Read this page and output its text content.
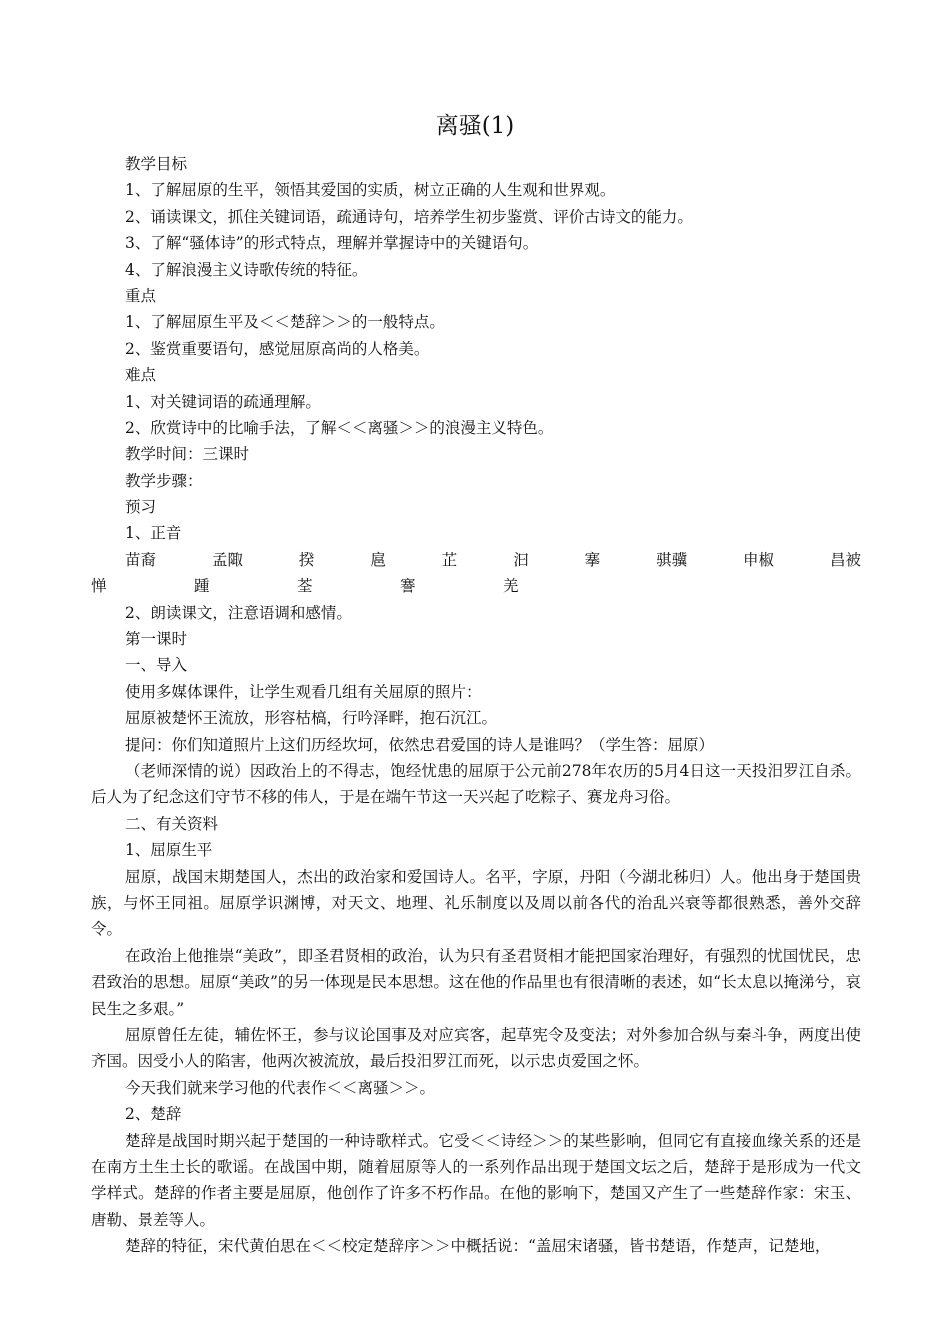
离骚(1)
教学目标
1、了解屈原的生平，领悟其爱国的实质，树立正确的人生观和世界观。
2、诵读课文，抓住关键词语，疏通诗句，培养学生初步鉴赏、评价古诗文的能力。
3、了解“骚体诗”的形式特点，理解并掌握诗中的关键语句。
4、了解浪漫主义诗歌传统的特征。
重点
1、了解屈原生平及＜＜楚辞＞＞的一般特点。
2、鉴赏重要语句，感觉屈原高尚的人格美。
难点
1、对关键词语的疏通理解。
2、欣赏诗中的比喻手法，了解＜＜离骚＞＞的浪漫主义特色。
教学时间：三课时
教学步骤：
预习
1、正音
苗裔	孟陬	揆	扈	芷	汩	搴	骐骥	申椒	昌被
惮	踵	荃	謇	羌
2、朗读课文，注意语调和感情。
第一课时
一、导入
使用多媒体课件，让学生观看几组有关屈原的照片：
屈原被楚怀王流放，形容枯槁，行吟泽畔，抱石沉江。
提问：你们知道照片上这们历经坎坷，依然忠君爱国的诗人是谁吗？（学生答：屈原）
（老师深情的说）因政治上的不得志，饱经忧患的屈原于公元前278年农历的5月4日这一天投汨罗江自杀。后人为了纪念这们守节不移的伟人，于是在端午节这一天兴起了吃粽子、赛龙舟习俗。
二、有关资料
1、屈原生平
屈原，战国末期楚国人，杰出的政治家和爱国诗人。名平，字原，丹阳（今湖北秭归）人。他出身于楚国贵族，与怀王同祖。屈原学识渊博，对天文、地理、礼乐制度以及周以前各代的治乱兴衰等都很熟悉，善外交辞令。
在政治上他推崇“美政”，即圣君贤相的政治，认为只有圣君贤相才能把国家治理好，有强烈的忧国忧民，忠君致治的思想。屈原“美政”的另一体现是民本思想。这在他的作品里也有很清晰的表述，如“长太息以掩涕兮，哀民生之多艰。”
屈原曾任左徒，辅佐怀王，参与议论国事及对应宾客，起草宪令及变法；对外参加合纵与秦斗争，两度出使齐国。因受小人的陷害，他两次被流放，最后投汨罗江而死，以示忠贞爱国之怀。
今天我们就来学习他的代表作＜＜离骚＞＞。
2、楚辞
楚辞是战国时期兴起于楚国的一种诗歌样式。它受＜＜诗经＞＞的某些影响，但同它有直接血缘关系的还是在南方土生土长的歌谣。在战国中期，随着屈原等人的一系列作品出现于楚国文坛之后，楚辞于是形成为一代文学样式。楚辞的作者主要是屈原，他创作了许多不朽作品。在他的影响下，楚国又产生了一些楚辞作家：宋玉、唐勒、景差等人。
楚辞的特征，宋代黄伯思在＜＜校定楚辞序＞＞中概括说：“盖屈宋诸骚，皆书楚语，作楚声，记楚地，
